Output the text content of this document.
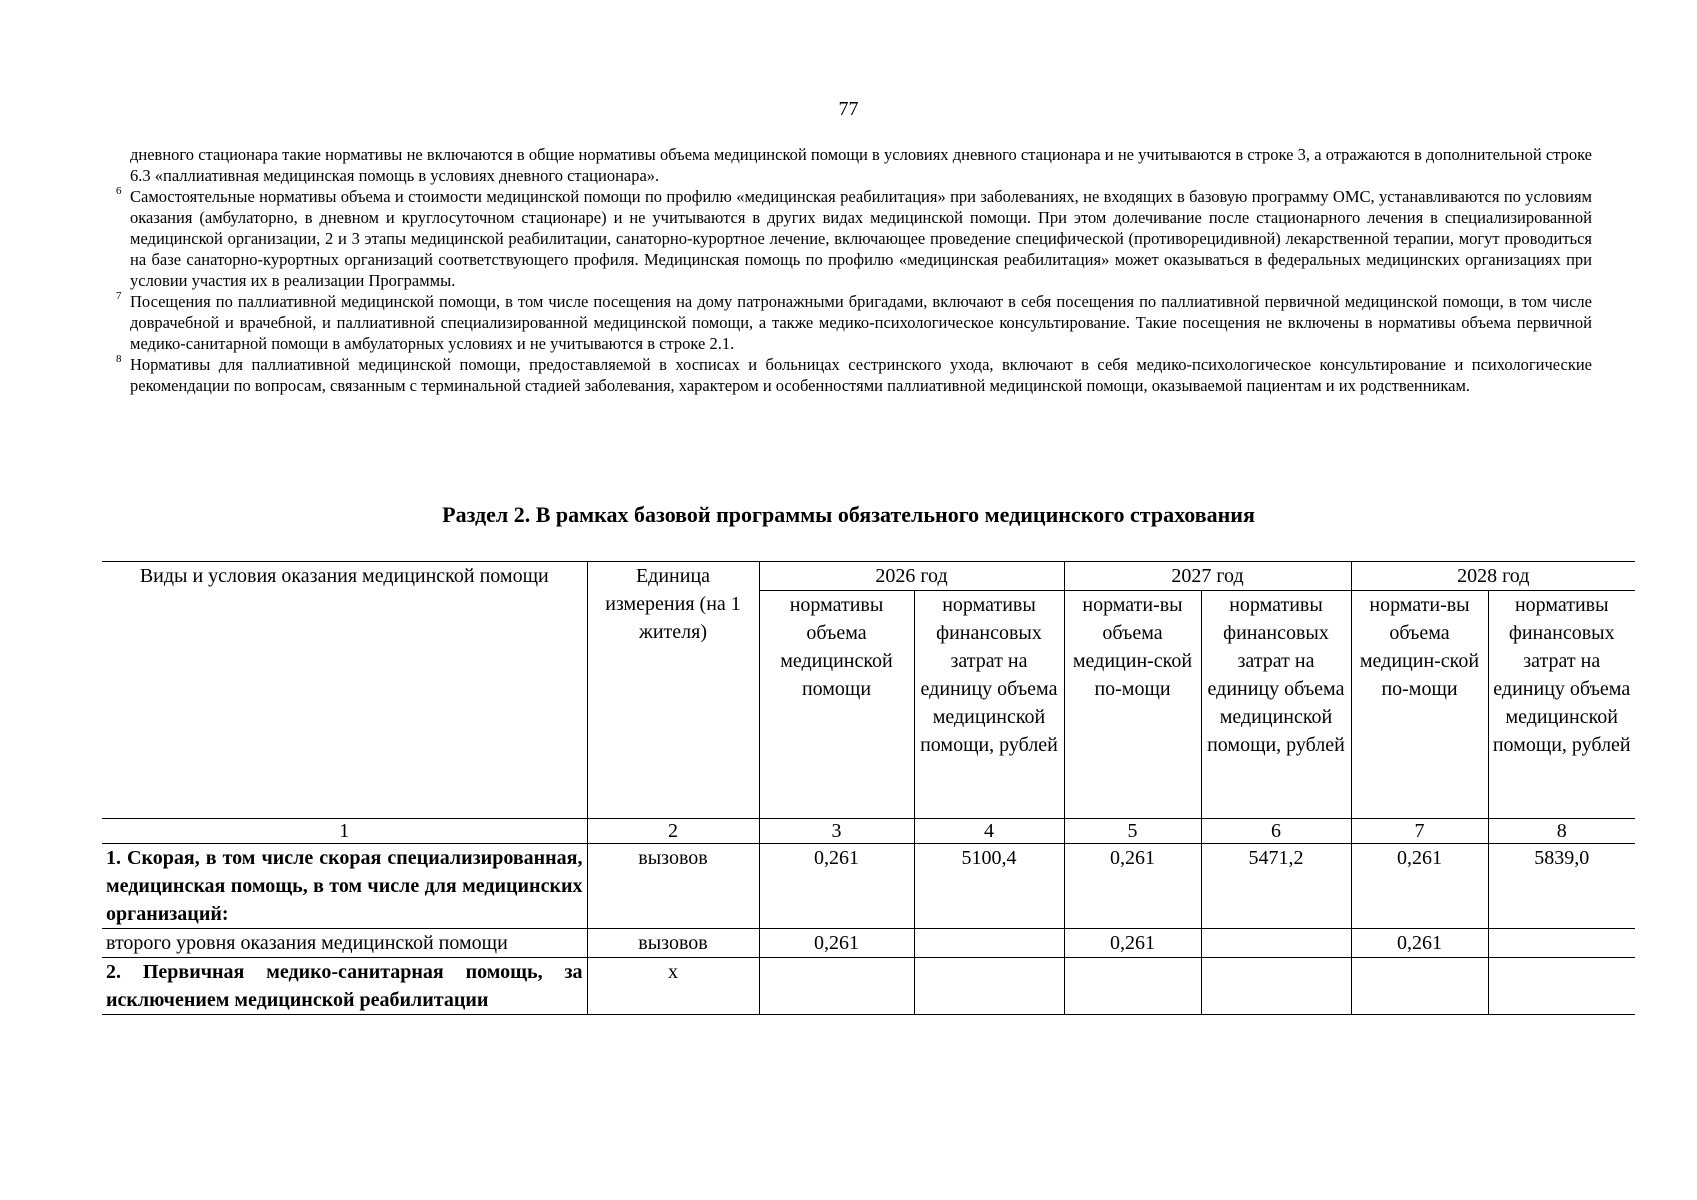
77
дневного стационара такие нормативы не включаются в общие нормативы объема медицинской помощи в условиях дневного стационара и не учитываются в строке 3, а отражаются в дополнительной строке 6.3 «паллиативная медицинская помощь в условиях дневного стационара».
6 Самостоятельные нормативы объема и стоимости медицинской помощи по профилю «медицинская реабилитация» при заболеваниях, не входящих в базовую программу ОМС, устанавливаются по условиям оказания (амбулаторно, в дневном и круглосуточном стационаре) и не учитываются в других видах медицинской помощи. При этом долечивание после стационарного лечения в специализированной медицинской организации, 2 и 3 этапы медицинской реабилитации, санаторно-курортное лечение, включающее проведение специфической (противорецидивной) лекарственной терапии, могут проводиться на базе санаторно-курортных организаций соответствующего профиля. Медицинская помощь по профилю «медицинская реабилитация» может оказываться в федеральных медицинских организациях при условии участия их в реализации Программы.
7 Посещения по паллиативной медицинской помощи, в том числе посещения на дому патронажными бригадами, включают в себя посещения по паллиативной первичной медицинской помощи, в том числе доврачебной и врачебной, и паллиативной специализированной медицинской помощи, а также медико-психологическое консультирование. Такие посещения не включены в нормативы объема первичной медико-санитарной помощи в амбулаторных условиях и не учитываются в строке 2.1.
8 Нормативы для паллиативной медицинской помощи, предоставляемой в хосписах и больницах сестринского ухода, включают в себя медико-психологическое консультирование и психологические рекомендации по вопросам, связанным с терминальной стадией заболевания, характером и особенностями паллиативной медицинской помощи, оказываемой пациентам и их родственникам.
Раздел 2. В рамках базовой программы обязательного медицинского страхования
Виды и условия оказания медицинской помощи	Единица измерения (на 1 жителя)	2026 год		2027 год		2028 год	
		нормативы объема медицинской помощи	нормативы финансовых затрат на единицу объема медицинской помощи, рублей	нормати-вы объема медицин-ской по-мощи	нормативы финансовых затрат на единицу объема медицинской помощи, рублей	нормати-вы объема медицин-ской по-мощи	нормативы финансовых затрат на единицу объема медицинской помощи, рублей
1	2	3	4	5	6	7	8
1. Скорая, в том числе скорая специализированная, медицинская помощь, в том числе для медицинских организаций:	вызовов	0,261	5100,4	0,261	5471,2	0,261	5839,0
второго уровня оказания медицинской помощи	вызовов	0,261		0,261		0,261	
2. Первичная медико-санитарная помощь, за исключением медицинской реабилитации	х						
